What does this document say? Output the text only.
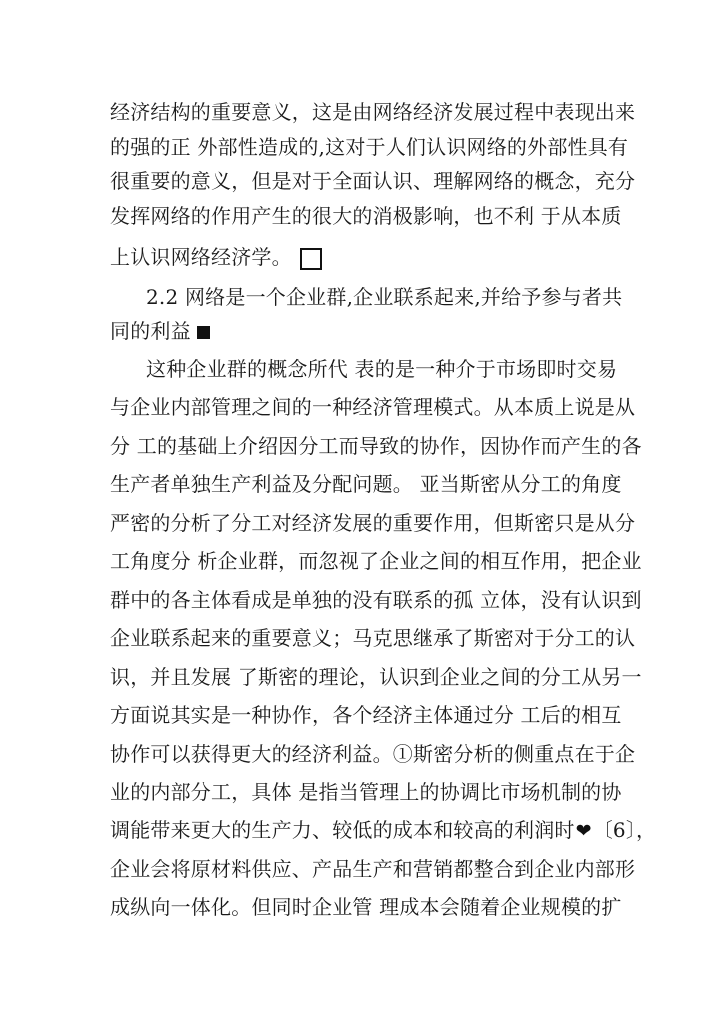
经济结构的重要意义，这是由网络经济发展过程中表现出来
的强的正 外部性造成的,这对于人们认识网络的外部性具有
很重要的意义，但是对于全面认识、理解网络的概念，充分
发挥网络的作用产生的很大的消极影响，也不利 于从本质
上认识网络经济学。
2.2 网络是一个企业群,企业联系起来,并给予参与者共
同的利益
这种企业群的概念所代 表的是一种介于市场即时交易
与企业内部管理之间的一种经济管理模式。从本质上说是从
分 工的基础上介绍因分工而导致的协作，因协作而产生的各
生产者单独生产利益及分配问题。 亚当斯密从分工的角度
严密的分析了分工对经济发展的重要作用，但斯密只是从分
工角度分 析企业群，而忽视了企业之间的相互作用，把企业
群中的各主体看成是单独的没有联系的孤 立体，没有认识到
企业联系起来的重要意义；马克思继承了斯密对于分工的认
识，并且发展 了斯密的理论，认识到企业之间的分工从另一
方面说其实是一种协作，各个经济主体通过分 工后的相互
协作可以获得更大的经济利益。①斯密分析的侧重点在于企
业的内部分工，具体 是指当管理上的协调比市场机制的协
调能带来更大的生产力、较低的成本和较高的利润时❤〔6〕，
企业会将原材料供应、产品生产和营销都整合到企业内部形
成纵向一体化。但同时企业管 理成本会随着企业规模的扩
